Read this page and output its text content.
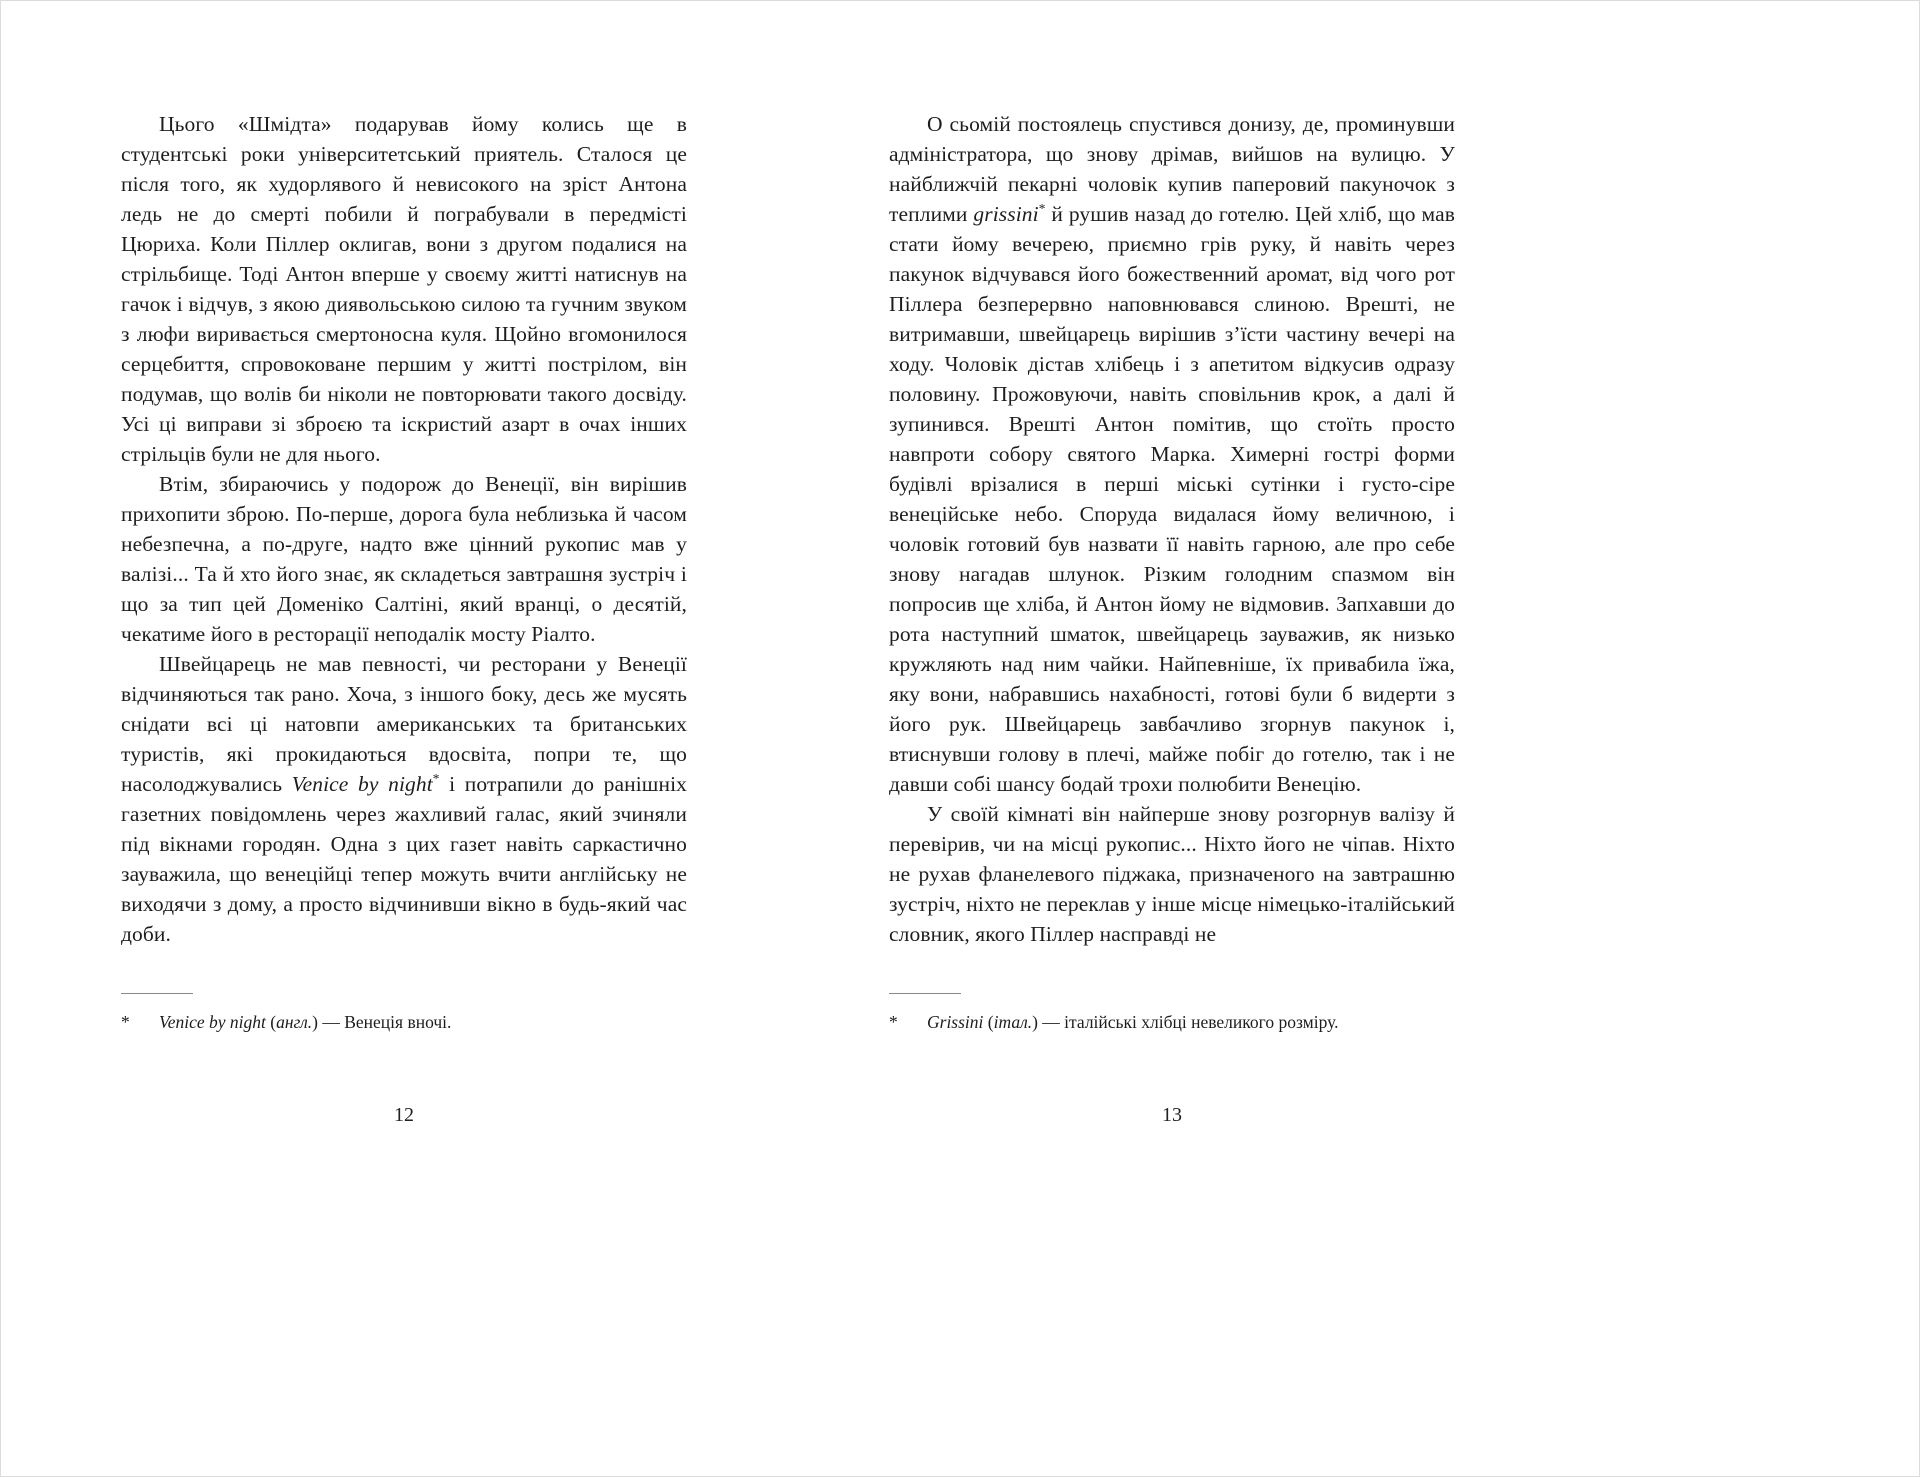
Цього «Шмідта» подарував йому колись ще в студентські роки університетський приятель. Сталося це після того, як худорлявого й невисокого на зріст Антона ледь не до смерті побили й пограбували в передмісті Цюриха. Коли Піллер оклигав, вони з другом подалися на стрільбище. Тоді Антон вперше у своєму житті натиснув на гачок і відчув, з якою диявольською силою та гучним звуком з люфи виривається смертоносна куля. Щойно вгомонилося серцебиття, спровоковане першим у житті пострілом, він подумав, що волів би ніколи не повторювати такого досвіду. Усі ці виправи зі зброєю та іскристий азарт в очах інших стрільців були не для нього.

Втім, збираючись у подорож до Венеції, він вирішив прихопити зброю. По-перше, дорога була неблизька й часом небезпечна, а по-друге, надто вже цінний рукопис мав у валізі... Та й хто його знає, як складеться завтрашня зустріч і що за тип цей Доменіко Салтіні, який вранці, о десятій, чекатиме його в ресторації неподалік мосту Ріалто.

Швейцарець не мав певності, чи ресторани у Венеції відчиняються так рано. Хоча, з іншого боку, десь же мусять снідати всі ці натовпи американських та британських туристів, які прокидаються вдосвіта, попри те, що насолоджувались Venice by night* і потрапили до ранішніх газетних повідомлень через жахливий галас, який зчиняли під вікнами городян. Одна з цих газет навіть саркастично зауважила, що венеційці тепер можуть вчити англійську не виходячи з дому, а просто відчинивши вікно в будь-який час доби.

*	Venice by night (англ.) — Венеція вночі.

12

О сьомій постоялець спустився донизу, де, проминувши адміністратора, що знову дрімав, вийшов на вулицю. У найближчій пекарні чоловік купив паперовий пакуночок з теплими grissini* й рушив назад до готелю. Цей хліб, що мав стати йому вечерею, приємно грів руку, й навіть через пакунок відчувався його божественний аромат, від чого рот Піллера безперервно наповнювався слиною. Врешті, не витримавши, швейцарець вирішив з’їсти частину вечері на ходу. Чоловік дістав хлібець і з апетитом відкусив одразу половину. Прожовуючи, навіть сповільнив крок, а далі й зупинився. Врешті Антон помітив, що стоїть просто навпроти собору святого Марка. Химерні гострі форми будівлі врізалися в перші міські сутінки і густо-сіре венеційське небо. Споруда видалася йому величною, і чоловік готовий був назвати її навіть гарною, але про себе знову нагадав шлунок. Різким голодним спазмом він попросив ще хліба, й Антон йому не відмовив. Запхавши до рота наступний шматок, швейцарець зауважив, як низько кружляють над ним чайки. Найпевніше, їх привабила їжа, яку вони, набравшись нахабності, готові були б видерти з його рук. Швейцарець завбачливо згорнув пакунок і, втиснувши голову в плечі, майже побіг до готелю, так і не давши собі шансу бодай трохи полюбити Венецію.

У своїй кімнаті він найперше знову розгорнув валізу й перевірив, чи на місці рукопис... Ніхто його не чіпав. Ніхто не рухав фланелевого піджака, призначеного на завтрашню зустріч, ніхто не переклав у інше місце німецько-італійський словник, якого Піллер насправді не

*	Grissini (італ.) — італійські хлібці невеликого розміру.

13
